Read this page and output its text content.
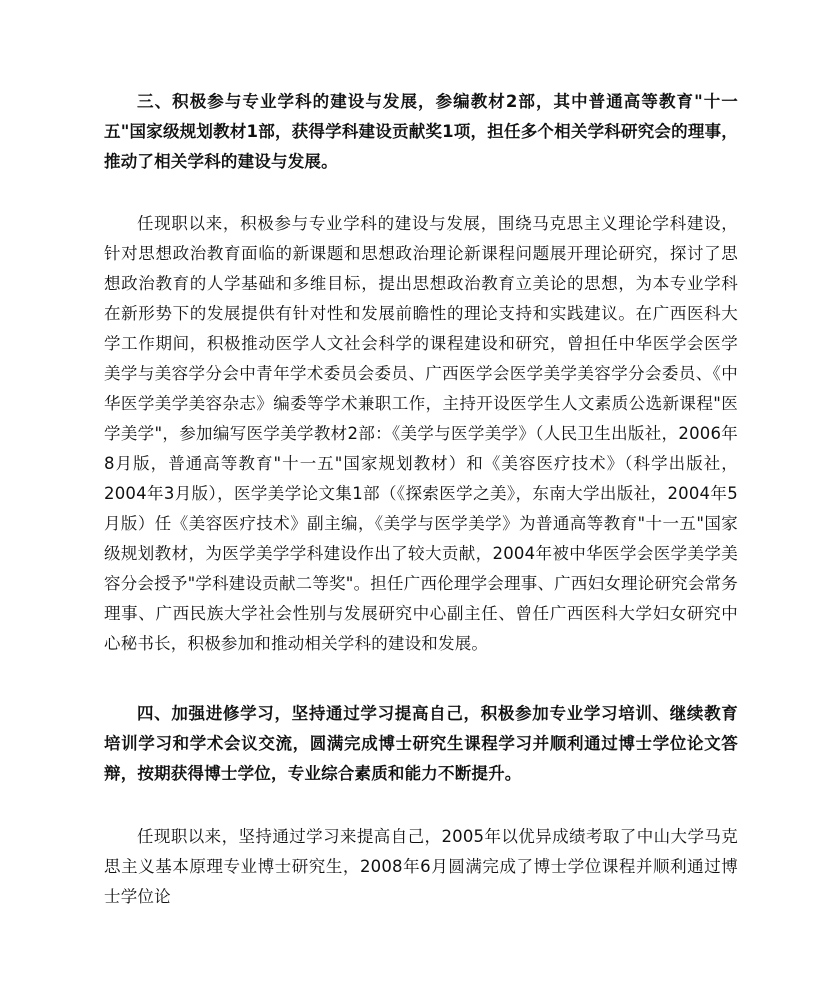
三、积极参与专业学科的建设与发展，参编教材2部，其中普通高等教育"十一五"国家级规划教材1部，获得学科建设贡献奖1项，担任多个相关学科研究会的理事，推动了相关学科的建设与发展。

任现职以来，积极参与专业学科的建设与发展，围绕马克思主义理论学科建设，针对思想政治教育面临的新课题和思想政治理论新课程问题展开理论研究，探讨了思想政治教育的人学基础和多维目标，提出思想政治教育立美论的思想，为本专业学科在新形势下的发展提供有针对性和发展前瞻性的理论支持和实践建议。在广西医科大学工作期间，积极推动医学人文社会科学的课程建设和研究，曾担任中华医学会医学美学与美容学分会中青年学术委员会委员、广西医学会医学美学美容学分会委员、《中华医学美学美容杂志》编委等学术兼职工作，主持开设医学生人文素质公选新课程"医学美学"，参加编写医学美学教材2部：《美学与医学美学》（人民卫生出版社，2006年8月版，普通高等教育"十一五"国家规划教材）和《美容医疗技术》（科学出版社，2004年3月版），医学美学论文集1部（《探索医学之美》，东南大学出版社，2004年5月版）任《美容医疗技术》副主编，《美学与医学美学》为普通高等教育"十一五"国家级规划教材，为医学美学学科建设作出了较大贡献，2004年被中华医学会医学美学美容分会授予"学科建设贡献二等奖"。担任广西伦理学会理事、广西妇女理论研究会常务理事、广西民族大学社会性别与发展研究中心副主任、曾任广西医科大学妇女研究中心秘书长，积极参加和推动相关学科的建设和发展。

四、加强进修学习，坚持通过学习提高自己，积极参加专业学习培训、继续教育培训学习和学术会议交流，圆满完成博士研究生课程学习并顺利通过博士学位论文答辩，按期获得博士学位，专业综合素质和能力不断提升。

任现职以来，坚持通过学习来提高自己，2005年以优异成绩考取了中山大学马克思主义基本原理专业博士研究生，2008年6月圆满完成了博士学位课程并顺利通过博士学位论
